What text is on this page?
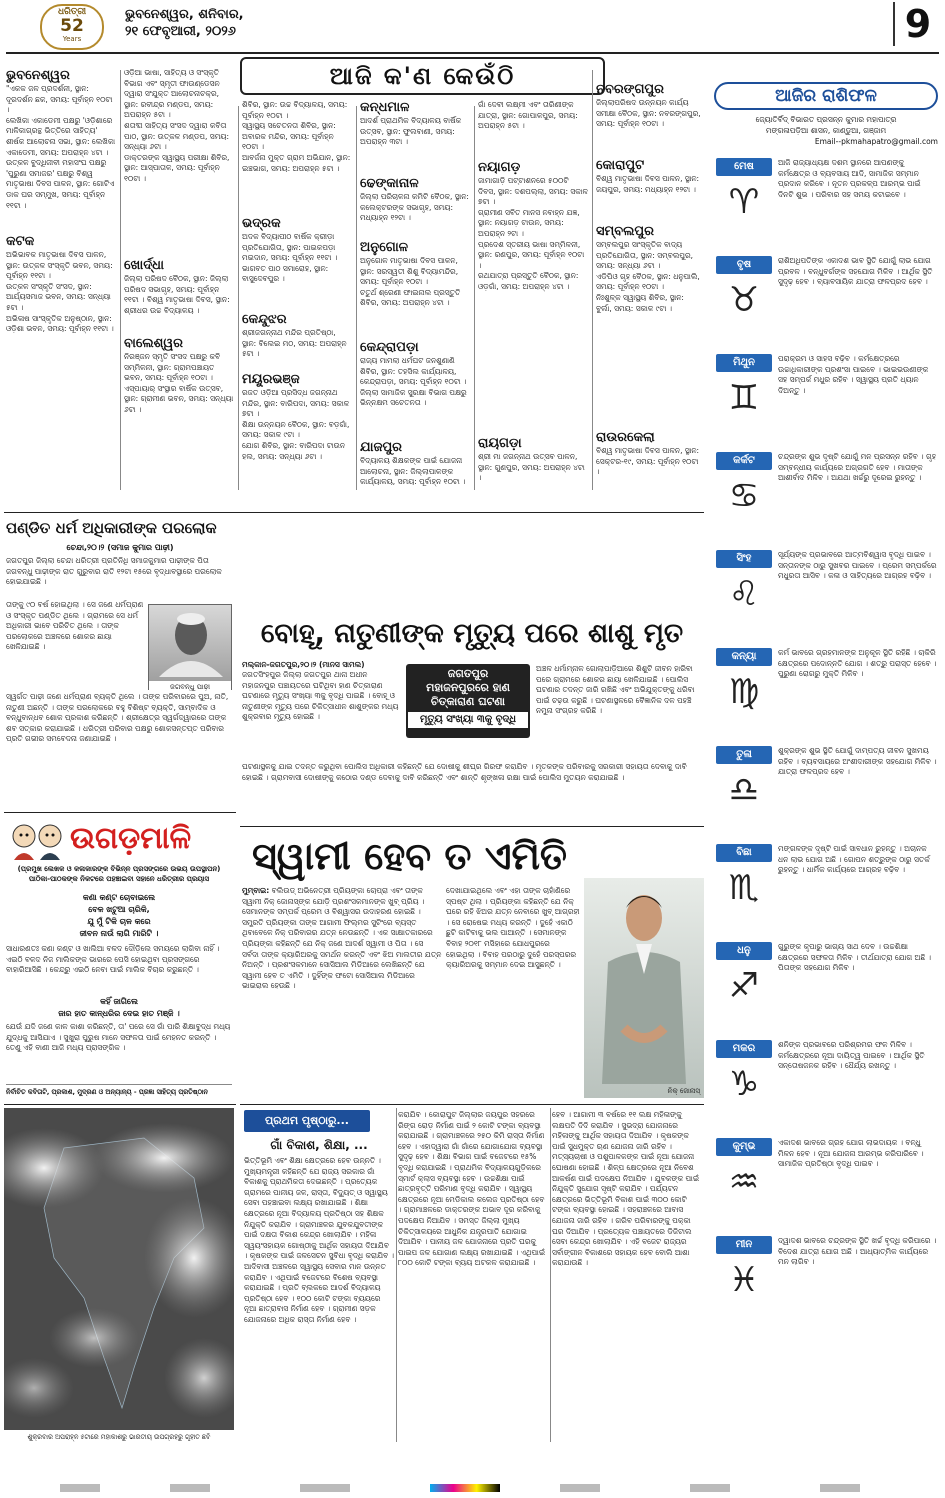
ଧରିତ୍ରୀ
52
Years
ଭୁବନେଶ୍ୱର, ଶନିବାର,
୨୧ ଫେବୃଆରୀ, ୨୦୨୬	9
ଆଜି କ'ଣ କେଉଁଠି
ଭୁବନେଶ୍ୱର

"ଏକକ ଜଳ ପ୍ରଦର୍ଶନୀ, ସ୍ଥାନ: ଦୂରଦର୍ଶନ ଛକ, ସମୟ: ପୂର୍ବାହ୍ନ ୧୦ଟା ।

ଲେଖିକା ଏକାଡେମୀ ପକ୍ଷରୁ 'ଓଡ଼ିଶାରେ ମାଳିକାଗ୍ରନ୍ଥ ଭିତ୍ତିରେ ସାହିତ୍ୟ' ଶୀର୍ଷକ ଆଲୋଚନା ସଭା, ସ୍ଥାନ: ଲେଖିକା ଏକାଡେମୀ, ସମୟ: ଅପରାହ୍ନ ୪ଟା ।

ଉତ୍କଳ ବୁଦ୍ଧିଜୀବୀ ମହାସଂଘ ପକ୍ଷରୁ 'ପୁରୁଣା ସମାଜର' ପକ୍ଷରୁ ବିଶ୍ୱ ମାତୃଭାଷା ଦିବସ ପାଳନ, ସ୍ଥାନ: ଗୋଟିଏ ଡାକ ଘର ସମ୍ମୁଖ, ସମୟ: ପୂର୍ବାହ୍ନ ୧୧ଟା ।

କଟକ

ଅଭିଭାବକ ମାତୃଭାଷା ଦିବସ ପାଳନ, ସ୍ଥାନ: ଉତ୍କଳ ସଂସ୍କୃତି ଭବନ, ସମୟ: ପୂର୍ବାହ୍ନ ୧୧ଟା ।

ଉତ୍କଳ ସଂସ୍କୃତି ସଂସଦ, ସ୍ଥାନ: ଆର୍ଯ୍ୟସମାଜ ଭବନ, ସମୟ: ସନ୍ଧ୍ୟା ୫ଟା ।

ଅଭିଳାଷ ସାଂସ୍କୃତିକ ଅନୁଷ୍ଠାନ, ସ୍ଥାନ: ଓଡ଼ିଶା ଭବନ, ସମୟ: ପୂର୍ବାହ୍ନ ୧୧ଟା ।

ଓଡ଼ିଆ ଭାଷା, ସାହିତ୍ୟ ଓ ସଂସ୍କୃତି ବିଭାଗ ଏବଂ ସ୍ମୃତୀ ଫାଉଣ୍ଡେସନ ଦ୍ୱାରା ସଂଯୁକ୍ତ ଆଲୋଚନାଚକ୍ର, ସ୍ଥାନ: ରବୀନ୍ଦ୍ର ମଣ୍ଡପ, ସମୟ: ଅପରାହ୍ନ ୫ଟା ।

ଶତାବ୍ଦୀ ସାହିତ୍ୟ ସଂସଦ ଦ୍ୱାରା କବିତା ପାଠ, ସ୍ଥାନ: ଉତ୍କଳ ମଣ୍ଡପ, ସମୟ: ସନ୍ଧ୍ୟା ୬ଟା ।

ଡାକ୍ତରଙ୍କ ସ୍ୱାସ୍ଥ୍ୟ ପରୀକ୍ଷା ଶିବିର, ସ୍ଥାନ: ଆସ୍ପାତାଳ, ସମୟ: ପୂର୍ବାହ୍ନ ୧୦ଟା ।

ଖୋର୍ଦ୍ଧା

ଜିଲ୍ଲା ପରିଷଦ ବୈଠକ, ସ୍ଥାନ: ଜିଲ୍ଲା ପରିଷଦ ସଭାଗୃହ, ସମୟ: ପୂର୍ବାହ୍ନ ୧୧ଟା । ବିଶ୍ୱ ମାତୃଭାଷା ଦିବସ, ସ୍ଥାନ: ଶ୍ରୀଧର ଉଚ୍ଚ ବିଦ୍ୟାଳୟ ।

ବାଲେଶ୍ୱର

ନିରଞ୍ଜନ ସ୍ମୃତି ସଂସଦ ପକ୍ଷରୁ କବି ସମ୍ମିଳନୀ, ସ୍ଥାନ: ଗ୍ରାମପଞ୍ଚାୟତ ଭବନ, ସମୟ: ପୂର୍ବାହ୍ନ ୧୦ଟା ।

ଏସ୍ପାୟାର୍ ସଂସ୍ଥାର ବାର୍ଷିକ ଉତ୍ସବ, ସ୍ଥାନ: ଗ୍ରାମୀଣ ଭବନ, ସମୟ: ସନ୍ଧ୍ୟା ୬ଟା ।

ଶିବିର, ସ୍ଥାନ: ଉଚ୍ଚ ବିଦ୍ୟାଳୟ, ସମୟ: ପୂର୍ବାହ୍ନ ୧୦ଟା ।

ସ୍ୱାସ୍ଥ୍ୟ ସଚେତନତା ଶିବିର, ସ୍ଥାନ: ଅବାରକ ମନ୍ଦିର, ସମୟ: ପୂର୍ବାହ୍ନ ୧୦ଟା ।

ଆବର୍ଜନା ମୁକ୍ତ ଗ୍ରାମ ଅଭିଯାନ, ସ୍ଥାନ: ଇଞ୍ଚଭାଗ, ସମୟ: ଅପରାହ୍ନ ୫ଟା ।

ଭଦ୍ରକ

ଅଦକ ବିଦ୍ୟାପୀଠ ବାର୍ଷିକ କ୍ରୀଡ଼ା ପ୍ରତିଯୋଗିତା, ସ୍ଥାନ: ପାଇକପଡ଼ା ମଇଦାନ, ସମୟ: ପୂର୍ବାହ୍ନ ୧୧ଟା ।

ଭାଗବତ ପାଠ ସମାରୋହ, ସ୍ଥାନ: ବାସୁଦେବପୁର ।

କେନ୍ଦୁଝର

ଶ୍ରୀଜଗନ୍ନାଥ ମନ୍ଦିର ପ୍ରତିଷ୍ଠା, ସ୍ଥାନ: ବିଲେଇ ମଠ, ସମୟ: ଅପରାହ୍ନ ୫ଟା ।

ମୟୂରଭଞ୍ଜ

ରଜତ ଓଡ଼ିଆ ପ୍ରସିଦ୍ଧ ଜଗନ୍ନାଥ ମନ୍ଦିର, ସ୍ଥାନ: ବାରିପଦା, ସମୟ: ସକାଳ ୭ଟା ।

ଶିକ୍ଷା ଉନ୍ନୟନ ବୈଠକ, ସ୍ଥାନ: ବଡ଼ଗାଁ, ସମୟ: ସକାଳ ୯ଟା ।

ଯୋଗ ଶିବିର, ସ୍ଥାନ: ବାରିପଦା ଟାଉନ ହଲ, ସମୟ: ସନ୍ଧ୍ୟା ୬ଟା ।

କନ୍ଧମାଳ

ଆଦର୍ଶ ପ୍ରାଥମିକ ବିଦ୍ୟାଳୟ ବାର୍ଷିକ ଉତ୍ସବ, ସ୍ଥାନ: ଫୁଲବାଣୀ, ସମୟ: ଅପରାହ୍ନ ୩ଟା ।

ଢେଙ୍କାନାଳ

ଜିଲ୍ଲା ପରିଚାଳନା କମିଟି ବୈଠକ, ସ୍ଥାନ: କଲେକ୍ଟରଙ୍କ ସଭାଗୃହ, ସମୟ: ମଧ୍ୟାହ୍ନ ୧୨ଟା ।

ଅନୁଗୋଳ

ଅନୁଗୋଳ ମାତୃଭାଷା ଦିବସ ପାଳନ, ସ୍ଥାନ: ସରସ୍ୱତୀ ଶିଶୁ ବିଦ୍ୟାମନ୍ଦିର, ସମୟ: ପୂର୍ବାହ୍ନ ୧୦ଟା ।

ଚତୁର୍ଥ ଶ୍ରେଣୀ ଫାଇନାଲ ପ୍ରସ୍ତୁତି ଶିବିର, ସମୟ: ଅପରାହ୍ନ ୪ଟା ।

କେନ୍ଦ୍ରାପଡ଼ା

ରାଜ୍ୟ ମାମଲା ଧର୍ମଘଟ ଜନଶୁଣାଣି ଶିବିର, ସ୍ଥାନ: ତହସିଲ କାର୍ଯ୍ୟାଳୟ, କେନ୍ଦ୍ରାପଡ଼ା, ସମୟ: ପୂର୍ବାହ୍ନ ୧୦ଟା ।

ଜିଲ୍ଲା ସାମାଜିକ ସୁରକ୍ଷା ବିଭାଗ ପକ୍ଷରୁ ଭିନ୍ନକ୍ଷମ ସଚେତନତା ।

ଯାଜପୁର

ବିଦ୍ୟାଳୟ ଶିକ୍ଷକଙ୍କ ପାଇଁ ଯୋଜନା ଆଲୋଚନା, ସ୍ଥାନ: ଜିଲ୍ଲାପାଳଙ୍କ କାର୍ଯ୍ୟାଳୟ, ସମୟ: ପୂର୍ବାହ୍ନ ୧୦ଟା ।

ଗାଁ ଦେବୀ ଲକ୍ଷ୍ମୀ ଏବଂ ତାରିଣୀଙ୍କ ଯାତ୍ରା, ସ୍ଥାନ: ଗୋପାଳପୁର, ସମୟ: ଅପରାହ୍ନ ୫ଟା ।

ନୟାଗଡ଼

ଜାମାଗାଡ଼ି ପଟ୍ଟାଶନରେ ୫୦୦ଟି ଦିବସ, ସ୍ଥାନ: ଦଶପଲ୍ଲା, ସମୟ: ସକାଳ ୭ଟା ।

ଗ୍ରାମୀଣ ସବିତ ମାନସ ନବାହ୍ନ ଯଜ୍ଞ, ସ୍ଥାନ: ନୟାଗଡ଼ ଟାଉନ, ସମୟ: ଅପରାହ୍ନ ୨ଟା ।

ପ୍ରଦେଶ ସ୍ତରୀୟ ଭାଷା ସମ୍ମିଳନୀ, ସ୍ଥାନ: ରଣପୁର, ସମୟ: ପୂର୍ବାହ୍ନ ୧୦ଟା ।

ରଥଯାତ୍ରା ପ୍ରସ୍ତୁତି ବୈଠକ, ସ୍ଥାନ: ଓଡ଼ଗାଁ, ସମୟ: ଅପରାହ୍ନ ୪ଟା ।

ରାୟଗଡ଼ା

ଶ୍ରୀ ମା ଜଗନ୍ନାଥ ଉତ୍ସବ ପାଳନ, ସ୍ଥାନ: ଗୁଣପୁର, ସମୟ: ଅପରାହ୍ନ ୪ଟା ।

ନବରଙ୍ଗପୁର

ଜିଲ୍ଲାପରିଷଦ ଉନ୍ନୟନ କାର୍ଯ୍ୟ ସମୀକ୍ଷା ବୈଠକ, ସ୍ଥାନ: ନବରଙ୍ଗପୁର, ସମୟ: ପୂର୍ବାହ୍ନ ୧୦ଟା ।

କୋରାପୁଟ

ବିଶ୍ୱ ମାତୃଭାଷା ଦିବସ ପାଳନ, ସ୍ଥାନ: ଜୟପୁର, ସମୟ: ମଧ୍ୟାହ୍ନ ୧୨ଟା ।

ସମ୍ବଲପୁର

ସମ୍ବଲପୁର ସାଂସ୍କୃତିକ ବାଦ୍ୟ ପ୍ରତିଯୋଗିତା, ସ୍ଥାନ: ସମ୍ବଲପୁର, ସମୟ: ସନ୍ଧ୍ୟା ୬ଟା ।

ଏଡିପିଓ ଗୃହ ବୈଠକ, ସ୍ଥାନ: ଧନୁପାଲି, ସମୟ: ପୂର୍ବାହ୍ନ ୧୦ଟା ।

ନିଃଶୁଳ୍କ ସ୍ୱାସ୍ଥ୍ୟ ଶିବିର, ସ୍ଥାନ: ବୁର୍ଲା, ସମୟ: ସକାଳ ୯ଟା ।

ରାଉରକେଲା

ବିଶ୍ୱ ମାତୃଭାଷା ଦିବସ ପାଳନ, ସ୍ଥାନ: ସେକ୍ଟର-୧୯, ସମୟ: ପୂର୍ବାହ୍ନ ୧୦ଟା ।

ଆଜିର ରାଶିଫଳ
ଜ୍ୟୋତିର୍ବିଦ୍ ବିଭାରତ ପ୍ରସନ୍ନ କୁମାର ମହାପାତ୍ର
ମଙ୍ଗଳାପଡ଼ିଆ ଶାସନ, କାଣ୍ଡୁଆ, ଗଞ୍ଜାମ
Email--pkmahapatro@gmail.com
ମେଷ
♈
ଆଜି ରାଜ୍ୟାଧ୍ୟକ୍ଷ ଦଶମ ସ୍ଥାନରେ ଆପଣଙ୍କୁ କର୍ମକ୍ଷେତ୍ର ଓ ବ୍ୟବସାୟ ଆଦି, ସାମାଜିକ ସମ୍ମାନ ପ୍ରଦାନ କରିବେ । ନୂତନ ପ୍ରକଳ୍ପ ଆରମ୍ଭ ପାଇଁ ଦିନଟି ଶୁଭ । ପରିବାର ସହ ସମୟ କଟାଇବେ ।
ବୃଷ
♉
ରାଶିଅଧିପତିଙ୍କ ଏକାଦଶ ଭାବ ସ୍ଥିତି ଯୋଗୁଁ ଲାଭ ଯୋଗ ପ୍ରବଳ । ବନ୍ଧୁବର୍ଗଙ୍କ ସହଯୋଗ ମିଳିବ । ଆର୍ଥିକ ସ୍ଥିତି ସୁଦୃଢ଼ ହେବ । ବ୍ୟାବସାୟିକ ଯାତ୍ରା ଫଳପ୍ରଦ ହେବ ।
ମିଥୁନ
♊
ପରାକ୍ରମ ଓ ସାହସ ବଢ଼ିବ । କର୍ମକ୍ଷେତ୍ରରେ ଉଚ୍ଚାଧିକାରୀଙ୍କ ପ୍ରଶଂସା ପାଇବେ । ଭାଇଭଉଣୀଙ୍କ ସହ ସମ୍ପର୍କ ମଧୁର ରହିବ । ସ୍ୱାସ୍ଥ୍ୟ ପ୍ରତି ଧ୍ୟାନ ଦିଅନ୍ତୁ ।
କର୍କଟ
♋
ଚନ୍ଦ୍ରଙ୍କ ଶୁଭ ଦୃଷ୍ଟି ଯୋଗୁଁ ମନ ପ୍ରସନ୍ନ ରହିବ । ଗୃହ ସମ୍ବନ୍ଧୀୟ କାର୍ଯ୍ୟରେ ଅଗ୍ରଗତି ହେବ । ମାତାଙ୍କ ଆଶୀର୍ବାଦ ମିଳିବ । ଅଯଥା ଖର୍ଚ୍ଚରୁ ଦୂରେଇ ରୁହନ୍ତୁ ।
ସିଂହ
♌
ସୂର୍ଯ୍ୟଙ୍କ ପ୍ରଭାବରେ ଆତ୍ମବିଶ୍ୱାସ ବୃଦ୍ଧି ପାଇବ । ସନ୍ତାନଙ୍କ ଠାରୁ ସୁଖବର ପାଇବେ । ପ୍ରେମ ସମ୍ପର୍କରେ ମଧୁରତା ଆସିବ । କଳା ଓ ସାହିତ୍ୟରେ ଆଗ୍ରହ ବଢ଼ିବ ।
କନ୍ୟା
♍
କର୍ମ ଭାବରେ ଗ୍ରହମାନଙ୍କ ଅନୁକୂଳ ସ୍ଥିତି ରହିଛି । ଚାକିରି କ୍ଷେତ୍ରରେ ପଦୋନ୍ନତି ଯୋଗ । ଶତ୍ରୁ ପରାସ୍ତ ହେବେ । ପୁରୁଣା ରୋଗରୁ ମୁକ୍ତି ମିଳିବ ।
ତୁଳା
♎
ଶୁକ୍ରଙ୍କ ଶୁଭ ସ୍ଥିତି ଯୋଗୁଁ ଦାମ୍ପତ୍ୟ ଜୀବନ ସୁଖମୟ ରହିବ । ବ୍ୟବସାୟରେ ଅଂଶୀଦାରୀଙ୍କ ସହଯୋଗ ମିଳିବ । ଯାତ୍ରା ଫଳପ୍ରଦ ହେବ ।
ବିଛା
♏
ମଙ୍ଗଳଙ୍କ ଦୃଷ୍ଟି ପାଇଁ ସାବଧାନ ରୁହନ୍ତୁ । ଅଚାନକ ଧନ ଲାଭ ଯୋଗ ଅଛି । ଗୋପନ ଶତ୍ରୁଙ୍କ ଠାରୁ ସତର୍କ ରୁହନ୍ତୁ । ଧାର୍ମିକ କାର୍ଯ୍ୟରେ ଆଗ୍ରହ ବଢ଼ିବ ।
ଧନୁ
♐
ଗୁରୁଙ୍କ କୃପାରୁ ଭାଗ୍ୟ ସାଥ ଦେବ । ଉଚ୍ଚଶିକ୍ଷା କ୍ଷେତ୍ରରେ ସଫଳତା ମିଳିବ । ତୀର୍ଥଯାତ୍ରା ଯୋଗ ଅଛି । ପିତାଙ୍କ ସହଯୋଗ ମିଳିବ ।
ମକର
♑
ଶନିଙ୍କ ପ୍ରଭାବରେ ପରିଶ୍ରମର ଫଳ ମିଳିବ । କର୍ମକ୍ଷେତ୍ରରେ ନୂଆ ଦାୟିତ୍ୱ ପାଇବେ । ଆର୍ଥିକ ସ୍ଥିତି ସନ୍ତୋଷଜନକ ରହିବ । ଧୈର୍ଯ୍ୟ ରଖନ୍ତୁ ।
କୁମ୍ଭ
♒
ଏକାଦଶ ଭାବରେ ଗ୍ରହ ଯୋଗ ଲାଭଦାୟକ । ବନ୍ଧୁ ମିଳନ ହେବ । ନୂଆ ଯୋଜନା ଆରମ୍ଭ କରିପାରିବେ । ସାମାଜିକ ପ୍ରତିଷ୍ଠା ବୃଦ୍ଧି ପାଇବ ।
ମୀନ
♓
ଦ୍ୱାଦଶ ଭାବରେ ଚନ୍ଦ୍ରଙ୍କ ସ୍ଥିତି ଖର୍ଚ୍ଚ ବୃଦ୍ଧି କରିପାରେ । ବିଦେଶ ଯାତ୍ରା ଯୋଗ ଅଛି । ଆଧ୍ୟାତ୍ମିକ କାର୍ଯ୍ୟରେ ମନ ଲାଗିବ ।
ପଣ୍ଡିତ ଧର୍ମ ଅଧିକାରୀଙ୍କ ପରଲୋକ
ଚେନ୍ଦା,୨୦।୨ (ସମାଜ କୁମାର ପାଢ଼ୀ)

ଜଗତପୁର ଜିଲ୍ଲା ଚେନ୍ଦା ଧରିତ୍ରୀ ପ୍ରତିନିଧି ସମାଜକୁମାର ପାଢ଼ୀଙ୍କ ପିତା ଜଗବନ୍ଧୁ ପାଢ଼ୀଙ୍କ ରାତ ଗୁରୁବାର ରାତି ୧୨ଟା ୧୫ରେ ବୃଦ୍ଧାବସ୍ଥାରେ ପରଲୋକ ହୋଇଯାଇଛି ।

ତାଙ୍କୁ ୯୦ ବର୍ଷ ହୋଇଥିଲା । ସେ ଜଣେ ଧର୍ମପ୍ରାଣ ଓ ସଂସ୍କୃତ ପଣ୍ଡିତ ଥିଲେ । ଗ୍ରାମରେ ସେ ଧର୍ମ ଅଧିକାରୀ ଭାବେ ପରିଚିତ ଥିଲେ । ତାଙ୍କ ପରଲୋକରେ ଅଞ୍ଚଳରେ ଶୋକର ଛାୟା ଖେଳିଯାଇଛି ।

ଜଗବନ୍ଧୁ ପାଢ଼ୀ

ସ୍ୱର୍ଗତ ପାଢ଼ୀ ଜଣେ ଧର୍ମପ୍ରାଣ ବ୍ୟକ୍ତି ଥିଲେ । ତାଙ୍କ ପରିବାରରେ ପୁଅ, ନାତି, ନାତୁଣୀ ଅଛନ୍ତି । ତାଙ୍କ ପରଲୋକରେ ବହୁ ବିଶିଷ୍ଟ ବ୍ୟକ୍ତି, ସାମ୍ବାଦିକ ଓ ବନ୍ଧୁବାନ୍ଧବ ଶୋକ ପ୍ରକାଶ କରିଛନ୍ତି । ଶ୍ରୀକ୍ଷେତ୍ର ସ୍ୱର୍ଗଦ୍ୱାରରେ ତାଙ୍କ ଶବ ସତ୍କାର କରାଯାଇଛି । ଧରିତ୍ରୀ ପରିବାର ପକ୍ଷରୁ ଶୋକସନ୍ତପ୍ତ ପରିବାର ପ୍ରତି ଗଭୀର ସମବେଦନା ଜଣାଯାଇଛି ।

ବୋହୂ, ନାତୁଣୀଙ୍କ ମୃତ୍ୟୁ ପରେ ଶାଶୁ ମୃତ
ମଲ୍କାନ-ଜଗତପୁର,୨୦।୨ (ମାନସ ସାମଲ)

ଜଗତସିଂହପୁର ଜିଲ୍ଲା ଜଗତପୁର ଥାନା ଅଧୀନ ମହାଜନପୁର ପଞ୍ଚାୟତରେ ଘଟିଥିବା ହାଣ ଚିତ୍କାରାଣ ଘଟଣାରେ ମୃତ୍ୟୁ ସଂଖ୍ୟା ୩କୁ ବୃଦ୍ଧି ପାଇଛି । ବୋହୂ ଓ ନାତୁଣୀଙ୍କ ମୃତ୍ୟୁ ପରେ ଚିକିତ୍ସାଧୀନ ଶାଶୁଙ୍କର ମଧ୍ୟ ଶୁକ୍ରବାର ମୃତ୍ୟୁ ହୋଇଛି ।

ଜଗତପୁର
ମହାଜନପୁରରେ ହାଣ
ଚିତ୍କାରାଣ ଘଟଣା
ମୃତ୍ୟୁ ସଂଖ୍ୟା ୩କୁ ବୃଦ୍ଧି

ଅଞ୍ଚଳ ଧର୍ମାମ୍ନାଳ ଗୋଲାପାଡ଼ିଆରେ ଶିଶୁଟି ଜୀବନ ହାରିବା ପରେ ଗ୍ରାମରେ ଶୋକର ଛାୟା ଖେଳିଯାଇଛି । ପୋଲିସ ଘଟଣାର ତଦନ୍ତ ଜାରି ରଖିଛି ଏବଂ ଅଭିଯୁକ୍ତଙ୍କୁ ଧରିବା ପାଇଁ ଚଢ଼ଉ କରୁଛି । ଘଟଣାସ୍ଥଳରେ ବୈଜ୍ଞାନିକ ଦଳ ପହଞ୍ଚି ନମୁନା ସଂଗ୍ରହ କରିଛି ।

ଘଟଣାସ୍ଥଳକୁ ଯାଇ ତଦନ୍ତ କରୁଥିବା ପୋଲିସ ଅଧିକାରୀ କହିଛନ୍ତି ଯେ ଦୋଷୀକୁ ଶୀଘ୍ର ଗିରଫ କରାଯିବ । ମୃତକଙ୍କ ପରିବାରକୁ ସରକାରୀ ସହାୟତା ଦେବାକୁ ଦାବି ହୋଇଛି । ଗ୍ରାମବାସୀ ଦୋଷୀଙ୍କୁ କଠୋର ଦଣ୍ଡ ଦେବାକୁ ଦାବି କରିଛନ୍ତି ଏବଂ ଶାନ୍ତି ଶୃଙ୍ଖଳା ରକ୍ଷା ପାଇଁ ପୋଲିସ ମୁତୟନ କରାଯାଇଛି ।

ଉଗଡ଼ମାଳି
(ପ୍ରମୁଖ ଲେଖକ ଓ କଳାକାରଙ୍କ ବିଭିନ୍ନ ପ୍ରସଙ୍ଗରେ ଉଭୟ ଉପସ୍ଥାପନ)
ପାଠିକା-ପାଠକଙ୍କ ନିକଟରେ ପହଞ୍ଚାଇବା ସହାନେ ଧରିତ୍ରୀର ପ୍ରୟାସ
କଣା କଣ୍ଟ ଚୋବାଇଲେ
ବେଳ ଖଟୁଆ ଚାରିକି,
ଯୁ ମୁଁ ଟିକି ଚାଳ କରେ
ଜୀବନ ନାଉଁ ଲାଗି ମାରିଟି ।

ସାଧାରଣତଃ କଣା କଣ୍ଟ ଓ ଖାଲିଆ ବଳଦ ଦୌଡ଼ିଲେ ସମୟରେ ଲାଗିବା ନାହିଁ । ଏଇଠି ବଳଦ ନିଜ ମାଲିକଙ୍କ ଭାରରେ ପେସି ହୋଇଥିବା ପ୍ରସଙ୍ଗରେ ବାହାରିଆସିଛି । କେନ୍ଦ୍ରୁ ଏଇଠି ନେବା ପାଇଁ ମାଲିକ ବିଚାର କରୁଛନ୍ତି ।

କହିଁ ଜାଗିଲେ
ଜାର ହାତ କାନ୍ଧରିର ଦେଇ ହାତ ମଞ୍ଜି ।

ଯେଉଁ ଯଦି ଜଣେ କାଳ କାଶା କରିଛନ୍ତି, ତା' ପରେ ସେ ଗାଁ ପାରି ଶିକ୍ଷାବୁଦ୍ଧ ମଧ୍ୟ ଯୁଦ୍ଧକୁ ଆସିଯାଏ । ସୁଖୁରା ପୁରୁଷ ମାନେ ସଫଳତା ପାଇଁ ମେହନତ କରନ୍ତି । ତେଣୁ ଏହି ବାଣୀ ଆଜି ମଧ୍ୟ ପ୍ରାସଙ୍ଗିକ ।

ନିର୍ବାଚିତ କବିତାଟି, ପ୍ରକାଶ, ମୁଦ୍ରଣ ଓ ଅନ୍ୟାନ୍ୟ - ପ୍ରଜ୍ଞା ସାହିତ୍ୟ ପ୍ରତିଷ୍ଠାନ
ସ୍ୱାମୀ ହେବ ତ ଏମିତି

ମୁମ୍ବାଇ: ବଲିଉଡ୍ ଅଭିନେତ୍ରୀ ପ୍ରିୟଙ୍କା ଚୋପ୍ରା ଏବଂ ତାଙ୍କ ସ୍ୱାମୀ ନିକ୍ ଜୋନାସ୍‌ଙ୍କ ଯୋଡ଼ି ପ୍ରଶଂସକମାନଙ୍କ ଖୁବ୍ ପ୍ରିୟ । ସେମାନଙ୍କ ସମ୍ପର୍କ ପ୍ରେମ ଓ ବିଶ୍ୱାସର ଉଦାହରଣ ହୋଇଛି । ସମ୍ପ୍ରତି ପ୍ରିୟଙ୍କା ତାଙ୍କ ଆଗାମୀ ଫିଲ୍ମର ସୁଟିଂରେ ବ୍ୟସ୍ତ ଥିବାବେଳେ ନିକ୍ ପରିବାରର ଯତ୍ନ ନେଉଛନ୍ତି । ଏକ ସାକ୍ଷାତକାରରେ ପ୍ରିୟଙ୍କା କହିଛନ୍ତି ଯେ ନିକ୍ ଜଣେ ଆଦର୍ଶ ସ୍ୱାମୀ ଓ ପିତା । ସେ ସର୍ବଦା ତାଙ୍କ କ୍ୟାରିଅରକୁ ସମର୍ଥନ କରନ୍ତି ଏବଂ ଝିଅ ମାଲତୀର ଯତ୍ନ ନିଅନ୍ତି । ପ୍ରଶଂସକମାନେ ସୋସିଆଲ ମିଡିଆରେ ଲେଖିଛନ୍ତି ଯେ ସ୍ୱାମୀ ହେବ ତ ଏମିତି । ଦୁହିଁଙ୍କ ଫଟୋ ସୋସିଆଲ ମିଡିଆରେ ଭାଇରାଲ ହେଉଛି ।

ଦେଖାଯାଇଥିଲେ ଏବଂ ଏହା ତାଙ୍କ ଚାହାଁଣିରେ ସ୍ପଷ୍ଟ ଥିଲା । ପ୍ରିୟଙ୍କା କହିଛନ୍ତି ଯେ ନିକ୍ ଘରେ ରହି ଝିଅର ଯତ୍ନ ନେବାରେ ଖୁବ୍ ଆଗ୍ରହୀ । ସେ ରୋଷେଇ ମଧ୍ୟ କରନ୍ତି । ଦୁହେଁ ଏକାଠି ଛୁଟି କାଟିବାକୁ ଭଲ ପାଆନ୍ତି । ସେମାନଙ୍କ ବିବାହ ୨୦୧୮ ମସିହାରେ ଯୋଧପୁରରେ ହୋଇଥିଲା । ବିବାହ ପରଠାରୁ ଦୁହେଁ ପରସ୍ପରର କ୍ୟାରିଅରକୁ ସମ୍ମାନ ଦେଇ ଆସୁଛନ୍ତି ।

ନିକ୍ ଜୋନାସ୍
ପ୍ରଥମ ପୃଷ୍ଠାରୁ...
ଗାଁ ବିକାଶ, ଶିକ୍ଷା, ...

ଭିତ୍ତିଭୂମି ଏବଂ ଶିକ୍ଷା କ୍ଷେତ୍ରରେ ହେବ ଉନ୍ନତି । ମୁଖ୍ୟମନ୍ତ୍ରୀ କହିଛନ୍ତି ଯେ ରାଜ୍ୟ ସରକାର ଗାଁ ବିକାଶକୁ ପ୍ରାଥମିକତା ଦେଇଛନ୍ତି । ପ୍ରତ୍ୟେକ ଗ୍ରାମରେ ପାନୀୟ ଜଳ, ରାସ୍ତା, ବିଦ୍ୟୁତ୍ ଓ ସ୍ୱାସ୍ଥ୍ୟ ସେବା ପହଞ୍ଚାଇବା ଲକ୍ଷ୍ୟ ରଖାଯାଇଛି । ଶିକ୍ଷା କ୍ଷେତ୍ରରେ ନୂଆ ବିଦ୍ୟାଳୟ ପ୍ରତିଷ୍ଠା ସହ ଶିକ୍ଷକ ନିଯୁକ୍ତି କରାଯିବ । ଗ୍ରାମାଞ୍ଚଳର ଯୁବକଯୁବତୀଙ୍କ ପାଇଁ ଦକ୍ଷତା ବିକାଶ କେନ୍ଦ୍ର ଖୋଲାଯିବ । ମହିଳା ସ୍ୱୟଂସହାୟକ ଗୋଷ୍ଠୀକୁ ଆର୍ଥିକ ସହାୟତା ଦିଆଯିବ । କୃଷକଙ୍କ ପାଇଁ ଜଳସେଚନ ସୁବିଧା ବୃଦ୍ଧି କରାଯିବ । ଆଦିବାସୀ ଅଞ୍ଚଳରେ ସ୍ୱାସ୍ଥ୍ୟ ସେବାର ମାନ ଉନ୍ନତ କରାଯିବ । ଏଥିପାଇଁ ବଜେଟରେ ବିଶେଷ ବ୍ୟବସ୍ଥା କରାଯାଇଛି । ପ୍ରତି ବ୍ଲକରେ ଆଦର୍ଶ ବିଦ୍ୟାଳୟ ପ୍ରତିଷ୍ଠା ହେବ । ୧୦୦ କୋଟି ଟଙ୍କା ବ୍ୟୟରେ ନୂଆ ଛାତ୍ରାବାସ ନିର୍ମାଣ ହେବ । ଗ୍ରାମୀଣ ସଡ଼କ ଯୋଜନାରେ ଅଧିକ ରାସ୍ତା ନିର୍ମାଣ ହେବ ।

କରାଯିବ । କୋରାପୁଟ ଜିଲ୍ଲାର ଜୟପୁର ସହରରେ ରିଙ୍ଗ ରୋଡ଼ ନିର୍ମାଣ ପାଇଁ ୨ କୋଟି ଟଙ୍କା ବ୍ୟବସ୍ଥା କରାଯାଇଛି । ଗ୍ରାମାଞ୍ଚଳରେ ୨୫୦ କିମି ରାସ୍ତା ନିର୍ମାଣ ହେବ । ଏହାଦ୍ୱାରା ଗାଁ ଗାଁରେ ଯୋଗାଯୋଗ ବ୍ୟବସ୍ଥା ସୁଦୃଢ଼ ହେବ । ଶିକ୍ଷା ବିଭାଗ ପାଇଁ ବଜେଟରେ ୧୫% ବୃଦ୍ଧି କରାଯାଇଛି । ପ୍ରାଥମିକ ବିଦ୍ୟାଳୟଗୁଡ଼ିକରେ ସ୍ମାର୍ଟ କ୍ଲାସ ବ୍ୟବସ୍ଥା ହେବ । ଉଚ୍ଚଶିକ୍ଷା ପାଇଁ ଛାତ୍ରବୃତ୍ତି ପରିମାଣ ବୃଦ୍ଧି କରାଯିବ । ସ୍ୱାସ୍ଥ୍ୟ କ୍ଷେତ୍ରରେ ନୂଆ ମେଡିକାଲ କଲେଜ ପ୍ରତିଷ୍ଠା ହେବ । ଗ୍ରାମାଞ୍ଚଳରେ ଡାକ୍ତରଙ୍କ ଅଭାବ ଦୂର କରିବାକୁ ପଦକ୍ଷେପ ନିଆଯିବ । ସମସ୍ତ ଜିଲ୍ଲା ମୁଖ୍ୟ ଚିକିତ୍ସାଳୟରେ ଆଧୁନିକ ଯନ୍ତ୍ରପାତି ଯୋଗାଇ ଦିଆଯିବ । ପାନୀୟ ଜଳ ଯୋଜନାରେ ପ୍ରତି ଘରକୁ ପାଇପ ଜଳ ଯୋଗାଣ ଲକ୍ଷ୍ୟ ରଖାଯାଇଛି । ଏଥିପାଇଁ ୮୦୦ କୋଟି ଟଙ୍କା ବ୍ୟୟ ଅଟକଳ କରାଯାଇଛି ।

ହେବ । ଆଗାମୀ ୩ ବର୍ଷରେ ୧୧ ଲକ୍ଷ ମହିଳାଙ୍କୁ ଲକ୍ଷପତି ଦିଦି କରାଯିବ । ସୁଭଦ୍ରା ଯୋଜନାରେ ମହିଳାଙ୍କୁ ଆର୍ଥିକ ସହାୟତା ଦିଆଯିବ । କୃଷକଙ୍କ ପାଇଁ ସୁଧମୁକ୍ତ ଋଣ ଯୋଜନା ଜାରି ରହିବ । ମତ୍ସ୍ୟଚାଷୀ ଓ ପଶୁପାଳକଙ୍କ ପାଇଁ ନୂଆ ଯୋଜନା ଘୋଷଣା ହୋଇଛି । ଶିଳ୍ପ କ୍ଷେତ୍ରରେ ନୂଆ ନିବେଶ ଆକର୍ଷଣ ପାଇଁ ପଦକ୍ଷେପ ନିଆଯିବ । ଯୁବକଙ୍କ ପାଇଁ ନିଯୁକ୍ତି ସୁଯୋଗ ସୃଷ୍ଟି କରାଯିବ । ପର୍ଯ୍ୟଟନ କ୍ଷେତ୍ରରେ ଭିତ୍ତିଭୂମି ବିକାଶ ପାଇଁ ୩୦୦ କୋଟି ଟଙ୍କା ବ୍ୟବସ୍ଥା ହୋଇଛି । ସହରାଞ୍ଚଳରେ ଆବାସ ଯୋଜନା ଜାରି ରହିବ । ଗରିବ ପରିବାରଙ୍କୁ ପକ୍କା ଘର ଦିଆଯିବ । ପ୍ରତ୍ୟେକ ପଞ୍ଚାୟତରେ ଡିଜିଟାଲ ସେବା କେନ୍ଦ୍ର ଖୋଲାଯିବ । ଏହି ବଜେଟ ରାଜ୍ୟର ସର୍ବାଙ୍ଗୀନ ବିକାଶରେ ସହାୟକ ହେବ ବୋଲି ଆଶା କରାଯାଉଛି ।

ଶୁକ୍ରବାର ଅପରାହ୍ନ ୫ଟାରେ ମହାକାଶରୁ ଭାରତୀୟ ଉପଗ୍ରହରୁ ଗୃହୀତ ଛବି
